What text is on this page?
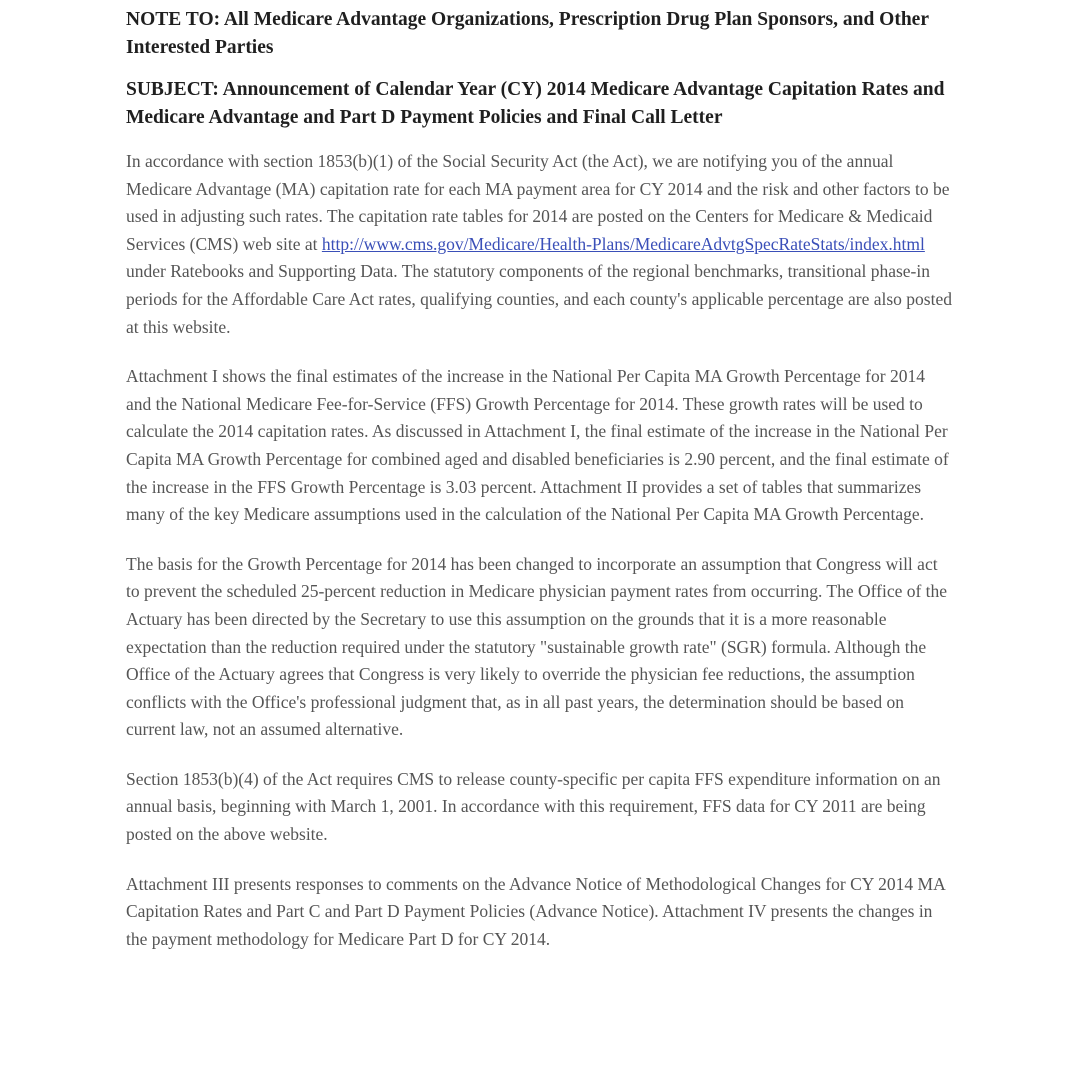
NOTE TO: All Medicare Advantage Organizations, Prescription Drug Plan Sponsors, and Other Interested Parties
SUBJECT: Announcement of Calendar Year (CY) 2014 Medicare Advantage Capitation Rates and Medicare Advantage and Part D Payment Policies and Final Call Letter

In accordance with section 1853(b)(1) of the Social Security Act (the Act), we are notifying you of the annual Medicare Advantage (MA) capitation rate for each MA payment area for CY 2014 and the risk and other factors to be used in adjusting such rates. The capitation rate tables for 2014 are posted on the Centers for Medicare & Medicaid Services (CMS) web site at http://www.cms.gov/Medicare/Health-Plans/MedicareAdvtgSpecRateStats/index.html under Ratebooks and Supporting Data. The statutory components of the regional benchmarks, transitional phase-in periods for the Affordable Care Act rates, qualifying counties, and each county's applicable percentage are also posted at this website.

Attachment I shows the final estimates of the increase in the National Per Capita MA Growth Percentage for 2014 and the National Medicare Fee-for-Service (FFS) Growth Percentage for 2014. These growth rates will be used to calculate the 2014 capitation rates. As discussed in Attachment I, the final estimate of the increase in the National Per Capita MA Growth Percentage for combined aged and disabled beneficiaries is 2.90 percent, and the final estimate of the increase in the FFS Growth Percentage is 3.03 percent. Attachment II provides a set of tables that summarizes many of the key Medicare assumptions used in the calculation of the National Per Capita MA Growth Percentage.

The basis for the Growth Percentage for 2014 has been changed to incorporate an assumption that Congress will act to prevent the scheduled 25-percent reduction in Medicare physician payment rates from occurring. The Office of the Actuary has been directed by the Secretary to use this assumption on the grounds that it is a more reasonable expectation than the reduction required under the statutory "sustainable growth rate" (SGR) formula. Although the Office of the Actuary agrees that Congress is very likely to override the physician fee reductions, the assumption conflicts with the Office's professional judgment that, as in all past years, the determination should be based on current law, not an assumed alternative.

Section 1853(b)(4) of the Act requires CMS to release county-specific per capita FFS expenditure information on an annual basis, beginning with March 1, 2001. In accordance with this requirement, FFS data for CY 2011 are being posted on the above website.

Attachment III presents responses to comments on the Advance Notice of Methodological Changes for CY 2014 MA Capitation Rates and Part C and Part D Payment Policies (Advance Notice). Attachment IV presents the changes in the payment methodology for Medicare Part D for CY 2014.
